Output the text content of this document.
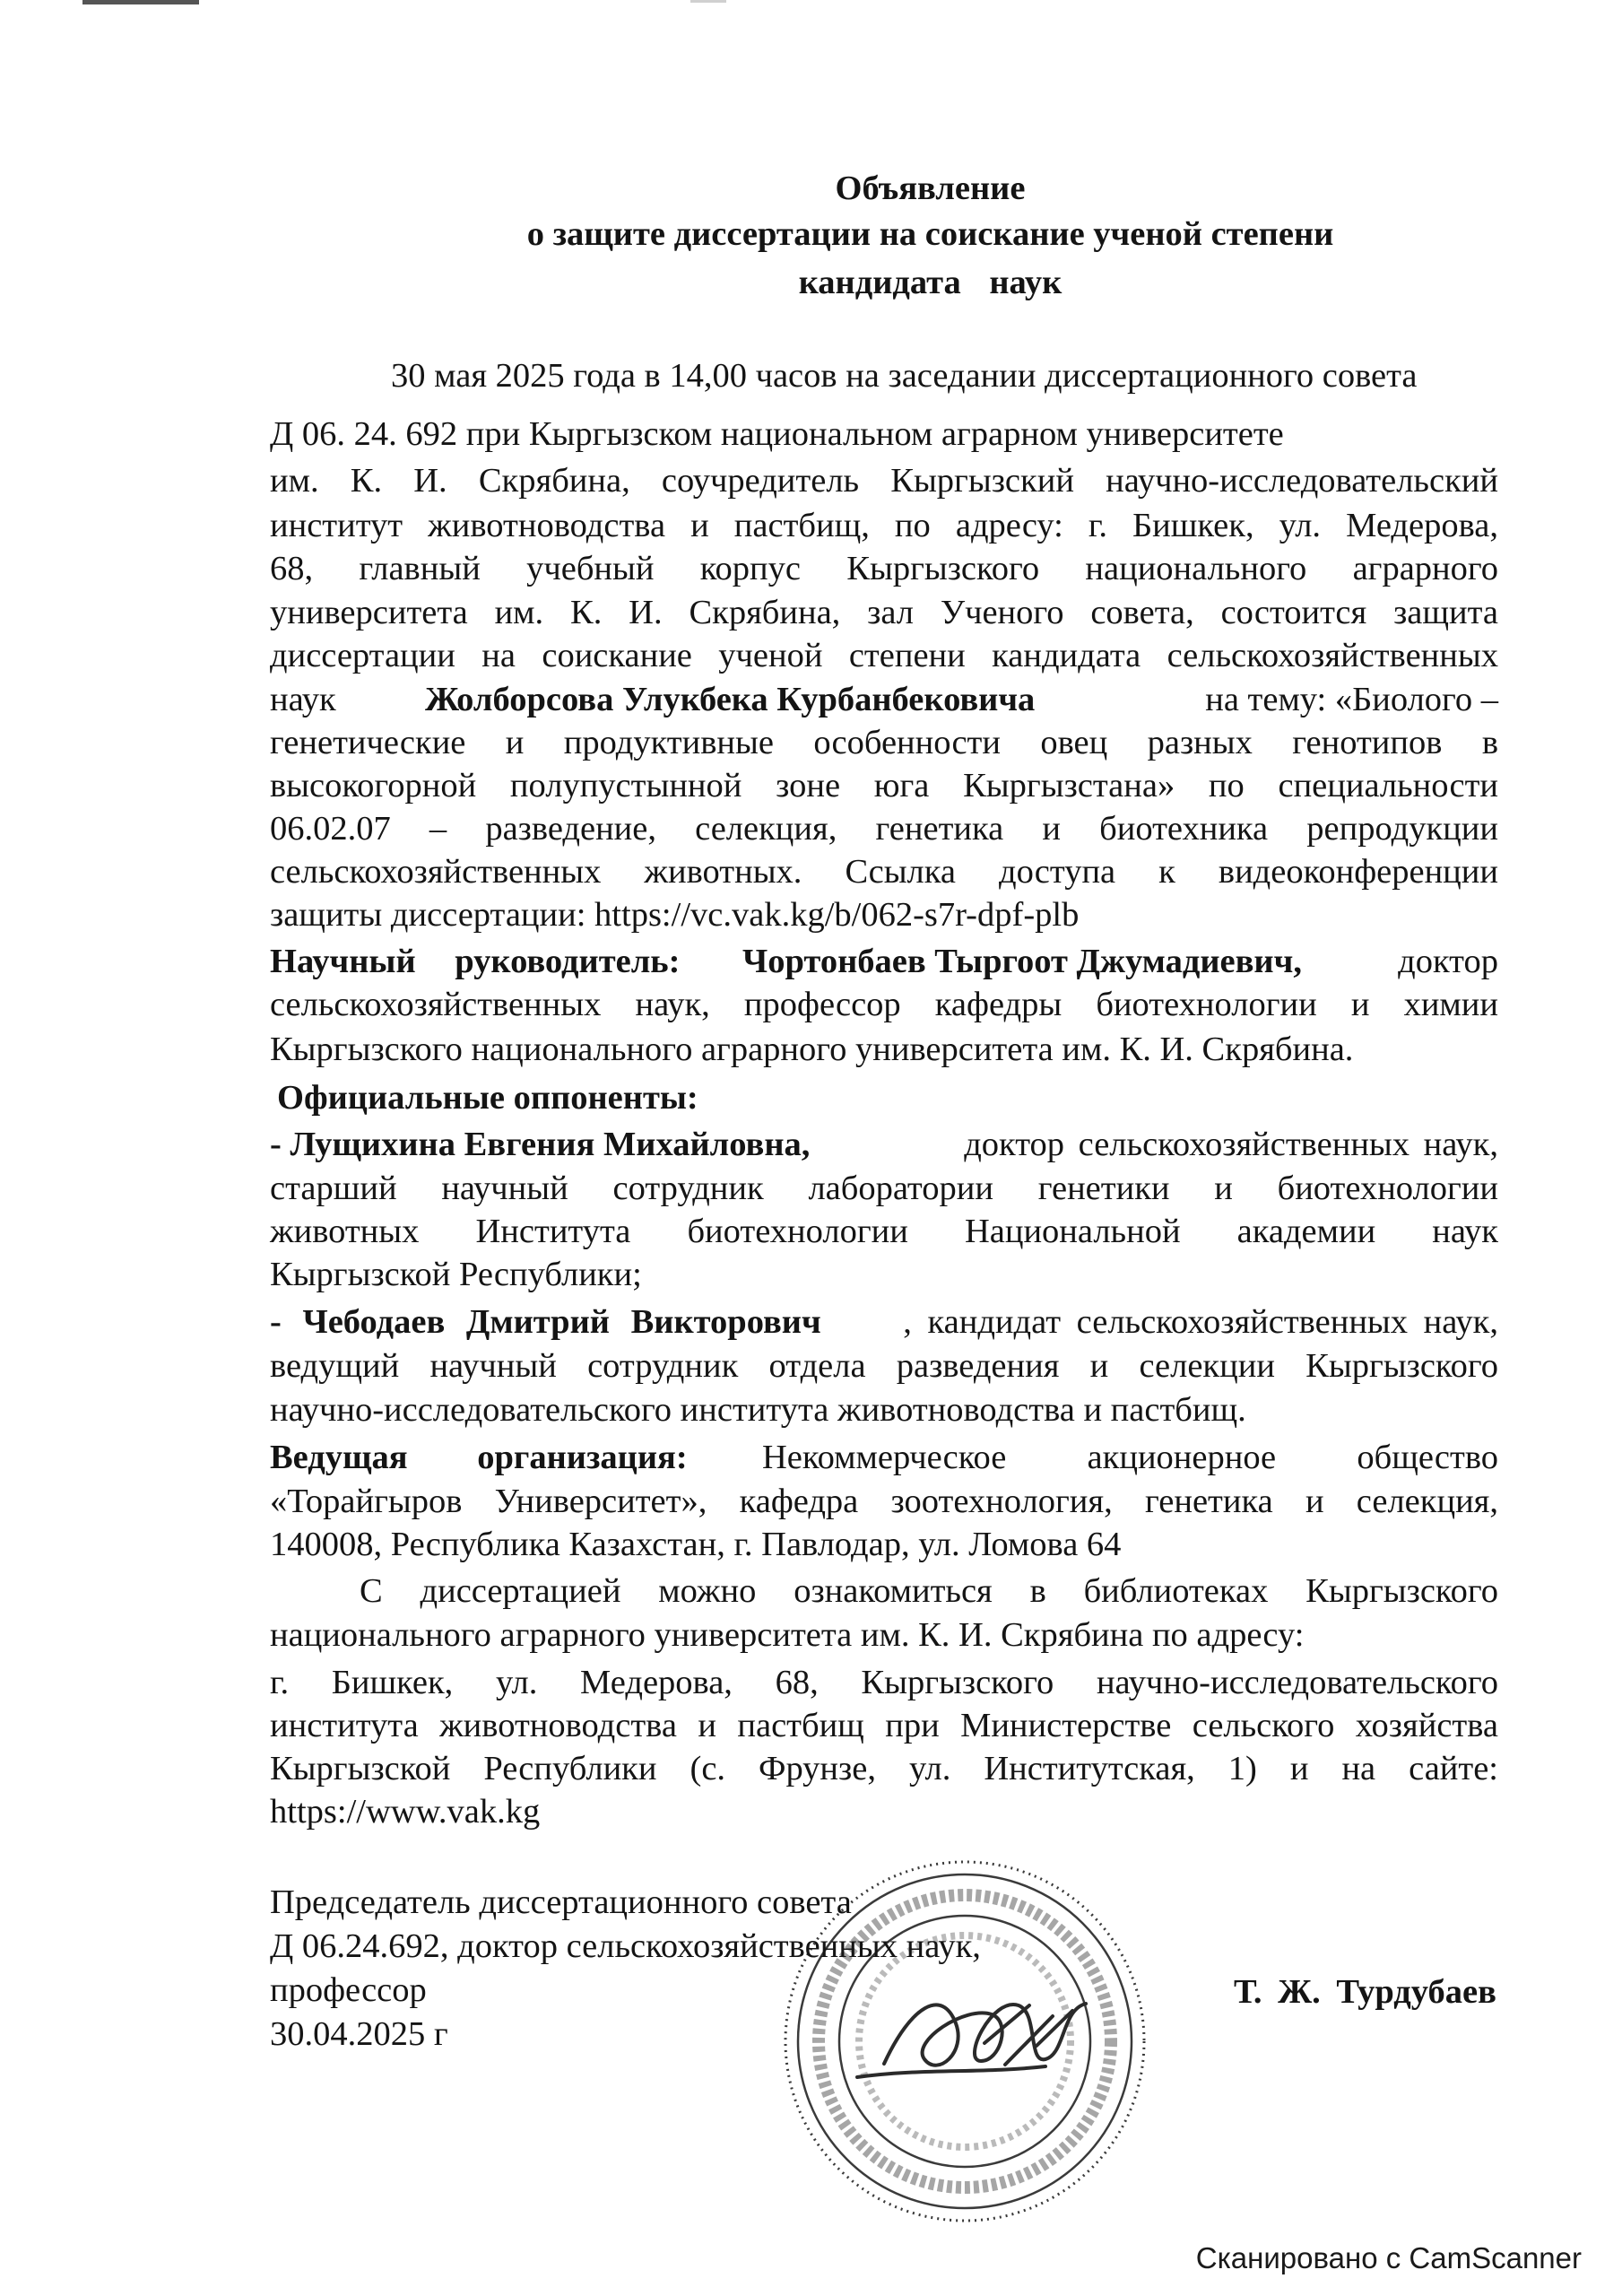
Объявление
о защите диссертации на соискание ученой степени
кандидата наук

30 мая 2025 года в 14,00 часов на заседании диссертационного совета

Д 06. 24. 692 при Кыргызском национальном аграрном университете

им. К. И. Скрябина, соучредитель Кыргызский научно-исследовательский

институт животноводства и пастбищ, по адресу: г. Бишкек, ул. Медерова,

68, главный учебный корпус Кыргызского национального аграрного

университета им. К. И. Скрябина, зал Ученого совета, состоится защита

диссертации на соискание ученой степени кандидата сельскохозяйственных

наук	Жолборсова Улукбека Курбанбековича	на тему: «Биолого –

генетические и продуктивные особенности овец разных генотипов в

высокогорной полупустынной зоне юга Кыргызстана» по специальности

06.02.07 – разведение, селекция, генетика и биотехника репродукции

сельскохозяйственных животных. Ссылка доступа к видеоконференции

защиты диссертации: https://vc.vak.kg/b/062-s7r-dpf-plb

Научный руководитель: Чортонбаев Тыргоот Джумадиевич,	доктор

сельскохозяйственных наук, профессор кафедры биотехнологии и химии

Кыргызского национального аграрного университета им. К. И. Скрябина.

Официальные оппоненты:

- Лущихина Евгения Михайловна,	доктор сельскохозяйственных наук,

старший научный сотрудник лаборатории генетики и биотехнологии

животных Института биотехнологии Национальной академии наук

Кыргызской Республики;

- Чебодаев Дмитрий Викторович , кандидат сельскохозяйственных наук,

ведущий научный сотрудник отдела разведения и селекции Кыргызского

научно-исследовательского института животноводства и пастбищ.

Ведущая организация: Некоммерческое акционерное общество

«Торайгыров Университет», кафедра зоотехнология, генетика и селекция,

140008, Республика Казахстан, г. Павлодар, ул. Ломова 64

С диссертацией можно ознакомиться в библиотеках Кыргызского

национального аграрного университета им. К. И. Скрябина по адресу:

г. Бишкек, ул. Медерова, 68, Кыргызского научно-исследовательского

института животноводства и пастбищ при Министерстве сельского хозяйства

Кыргызской Республики (с. Фрунзе, ул. Институтская, 1) и на сайте:

https://www.vak.kg

Председатель диссертационного совета

Д 06.24.692, доктор сельскохозяйственных наук,

профессор

30.04.2025 г

Т. Ж. Турдубаев

Сканировано с CamScanner
